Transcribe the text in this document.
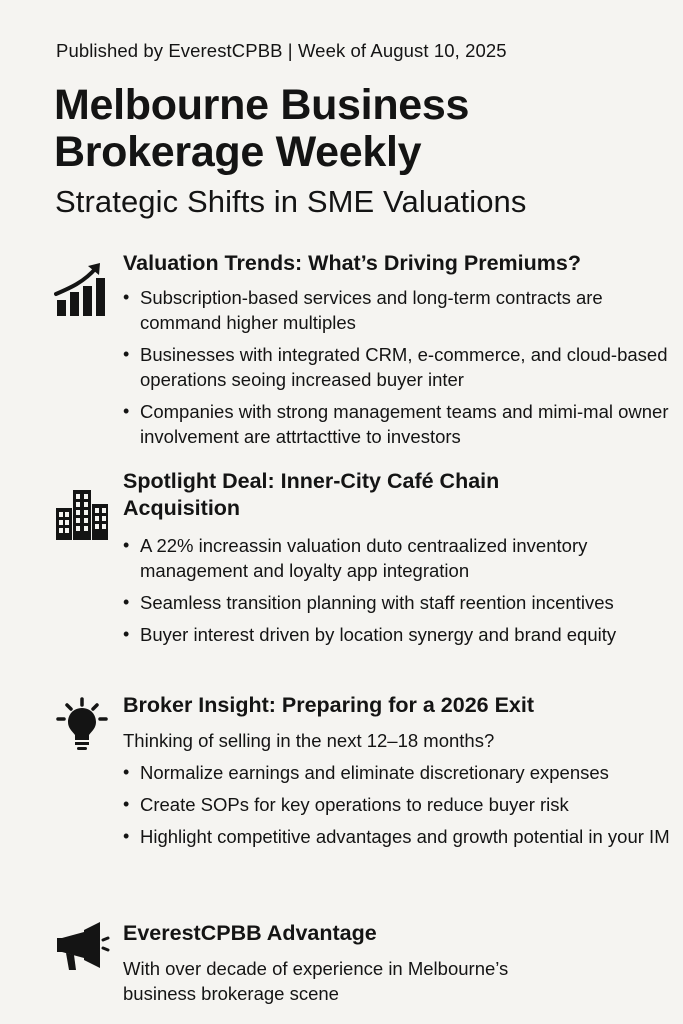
Published by EverestCPBB | Week of August 10, 2025
Melbourne Business
Brokerage Weekly
Strategic Shifts in SME Valuations
Valuation Trends: What’s Driving Premiums?
• Subscription-based services and long-term contracts are command higher multiples
• Businesses with integrated CRM, e-commerce, and cloud-based operations seoing increased buyer inter
• Companies with strong management teams and mimi-mal owner involvement are attrtacttive to investors
Spotlight Deal: Inner-City Café Chain Acquisition
• A 22% increassin valuation duto centraalized inventory management and loyalty app integration
• Seamless transition planning with staff reention incentives
• Buyer interest driven by location synergy and brand equity
Broker Insight: Preparing for a 2026 Exit
Thinking of selling in the next 12–18 months?
• Normalize earnings and eliminate discretionary expenses
• Create SOPs for key operations to reduce buyer risk
• Highlight competitive advantages and growth potential in your IM
EverestCPBB Advantage
With over decade of experience in Melbourne’s business brokerage scene
